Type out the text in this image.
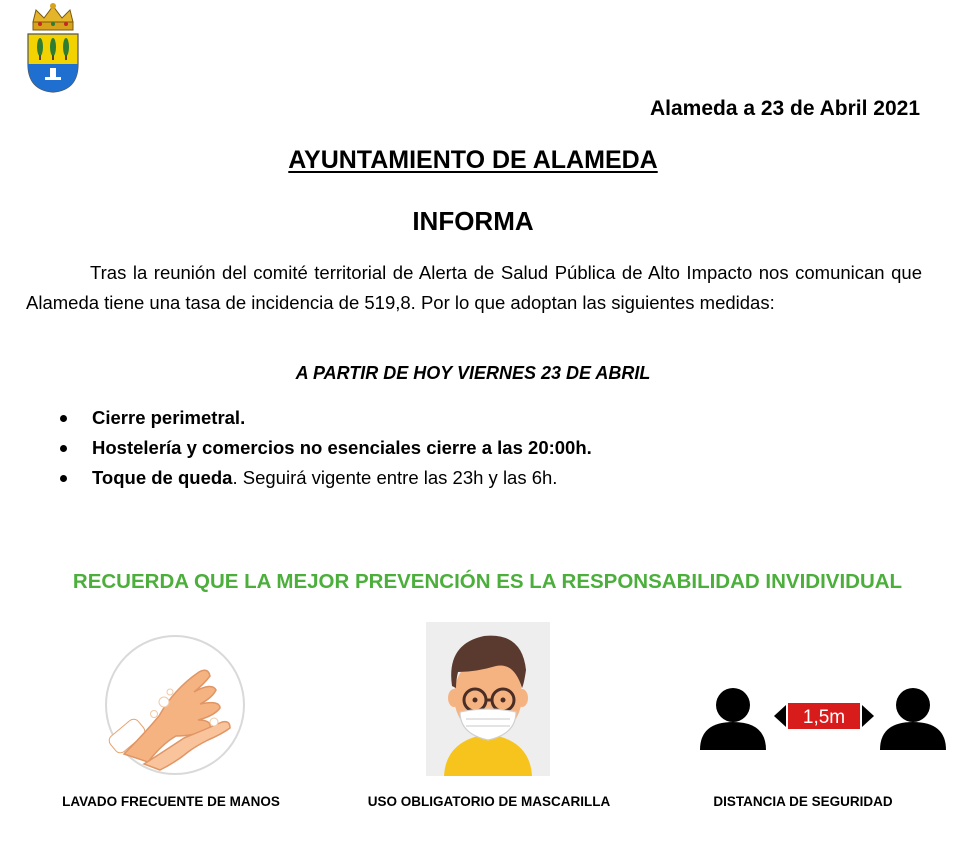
Alameda a 23 de Abril 2021
AYUNTAMIENTO DE ALAMEDA
INFORMA

Tras la reunión del comité territorial de Alerta de Salud Pública de Alto Impacto nos comunican que Alameda tiene una tasa de incidencia de 519,8. Por lo que adoptan las siguientes medidas:

A PARTIR DE HOY VIERNES 23 DE ABRIL
Cierre perimetral.
Hostelería y comercios no esenciales cierre a las 20:00h.
Toque de queda. Seguirá vigente entre las 23h y las 6h.
RECUERDA QUE LA MEJOR PREVENCIÓN ES LA RESPONSABILIDAD INVIDIVIDUAL
LAVADO FRECUENTE DE MANOS	USO OBLIGATORIO DE MASCARILLA
1,5m
DISTANCIA DE SEGURIDAD
